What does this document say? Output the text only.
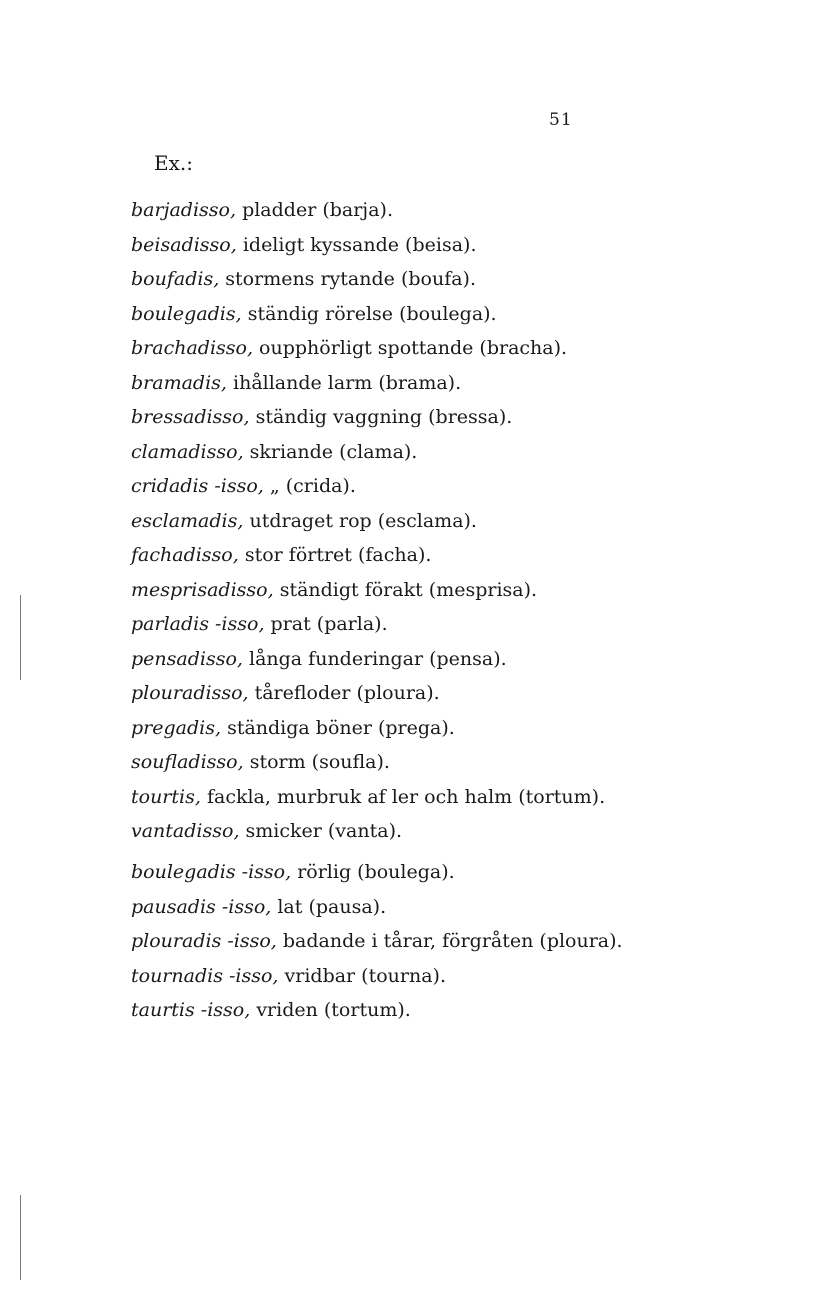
51
Ex.:
barjadisso, pladder (barja).
beisadisso, ideligt kyssande (beisa).
boufadis, stormens rytande (boufa).
boulegadis, ständig rörelse (boulega).
brachadisso, oupphörligt spottande (bracha).
bramadis, ihållande larm (brama).
bressadisso, ständig vaggning (bressa).
clamadisso, skriande (clama).
cridadis -isso, „ (crida).
esclamadis, utdraget rop (esclama).
fachadisso, stor förtret (facha).
mesprisadisso, ständigt förakt (mesprisa).
parladis -isso, prat (parla).
pensadisso, långa funderingar (pensa).
plouradisso, tårefloder (ploura).
pregadis, ständiga böner (prega).
soufladisso, storm (soufla).
tourtis, fackla, murbruk af ler och halm (tortum).
vantadisso, smicker (vanta).
boulegadis -isso, rörlig (boulega).
pausadis -isso, lat (pausa).
plouradis -isso, badande i tårar, förgråten (ploura).
tournadis -isso, vridbar (tourna).
taurtis -isso, vriden (tortum).
